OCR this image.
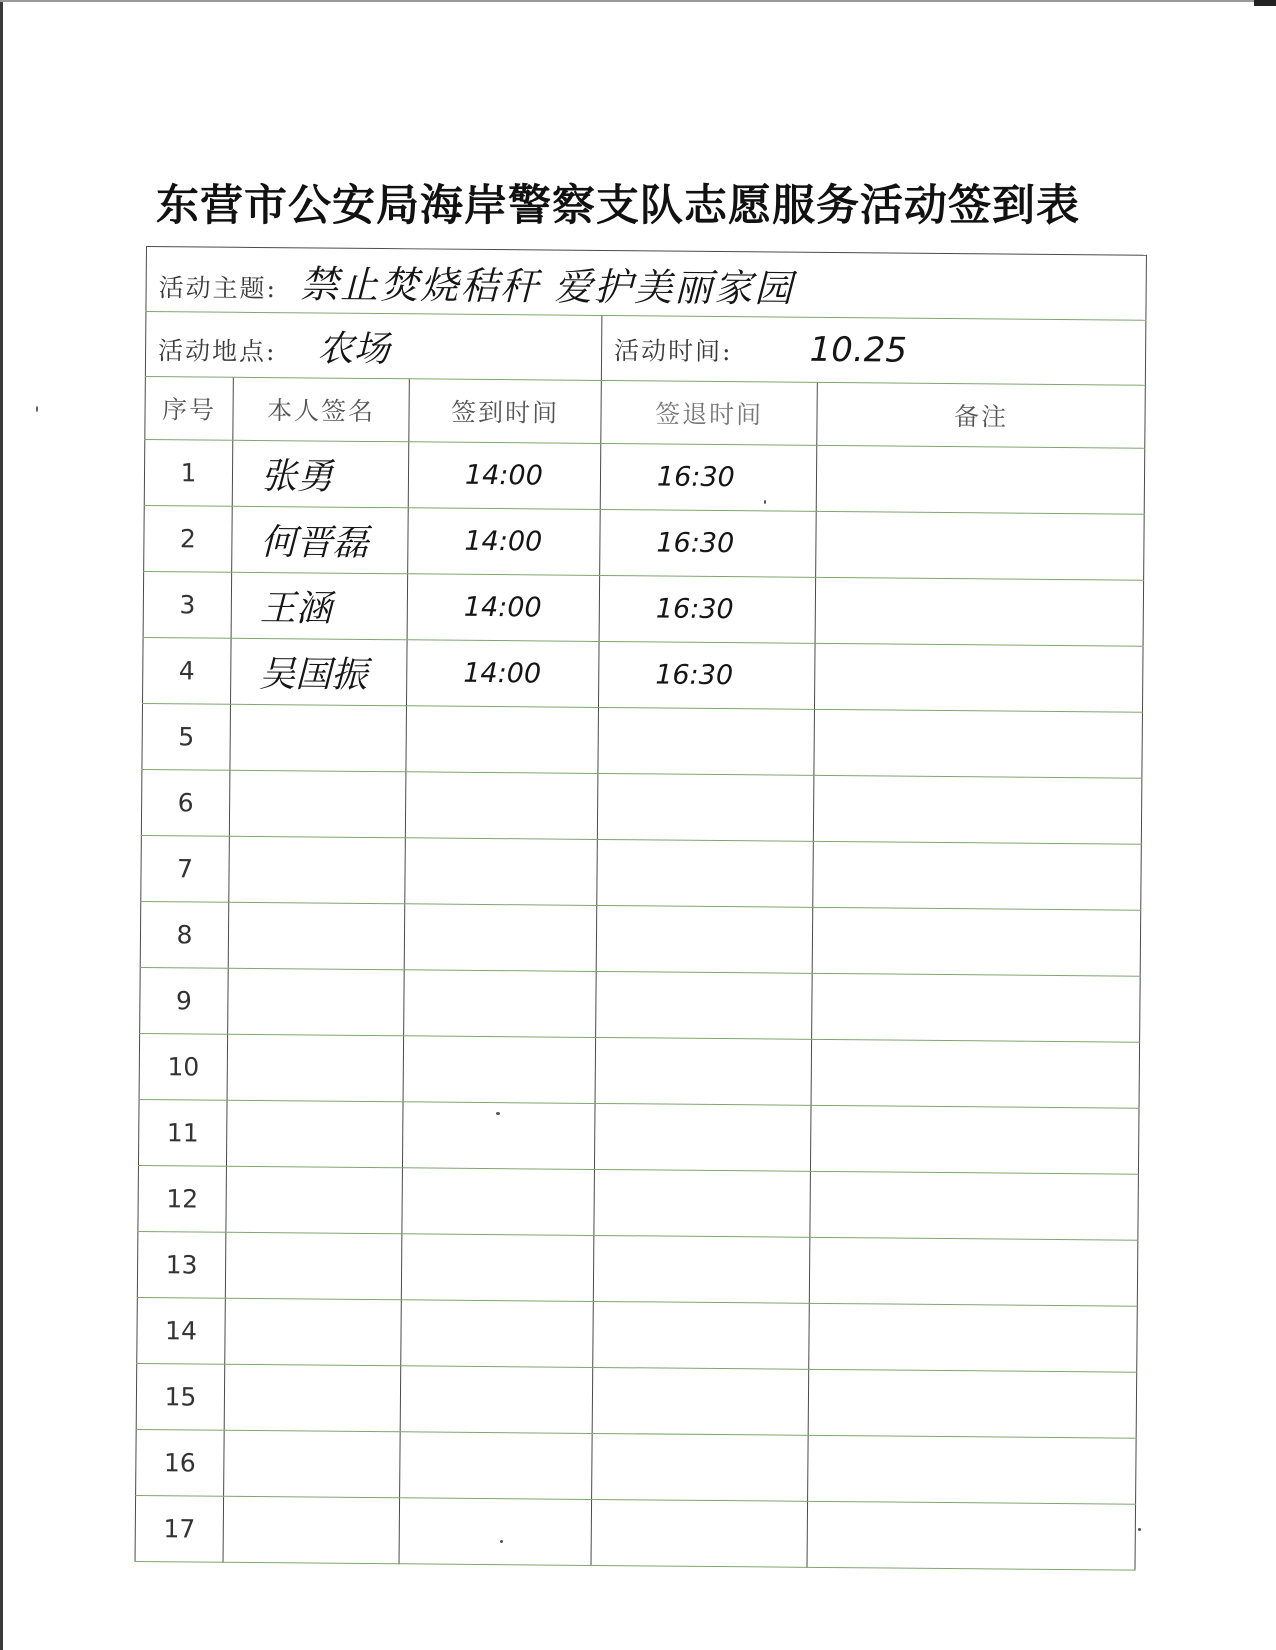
东营市公安局海岸警察支队志愿服务活动签到表
活动主题: 禁止焚烧秸秆 爱护美丽家园				
活动地点: 农场			活动时间: 10.25	
序号	本人签名	签到时间	签退时间	备注
1	张勇	14:00	16:30	
2	何晋磊	14:00	16:30	
3	王涵	14:00	16:30	
4	吴国振	14:00	16:30	
5				
6				
7				
8				
9				
10				
11				
12				
13				
14				
15				
16				
17				
